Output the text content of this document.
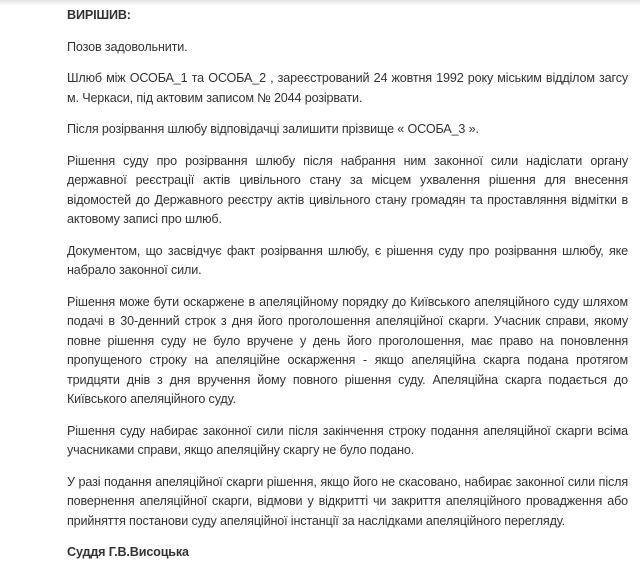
ВИРІШИВ:

Позов задовольнити.

Шлюб між ОСОБА_1 та ОСОБА_2 , зареєстрований 24 жовтня 1992 року міським відділом загсу м. Черкаси, під актовим записом № 2044 розірвати.

Після розірвання шлюбу відповідачці залишити прізвище « ОСОБА_3 ».

Рішення суду про розірвання шлюбу після набрання ним законної сили надіслати органу державної реєстрації актів цивільного стану за місцем ухвалення рішення для внесення відомостей до Державного реєстру актів цивільного стану громадян та проставляння відмітки в актовому записі про шлюб.

Документом, що засвідчує факт розірвання шлюбу, є рішення суду про розірвання шлюбу, яке набрало законної сили.

Рішення може бути оскаржене в апеляційному порядку до Київського апеляційного суду шляхом подачі в 30-денний строк з дня його проголошення апеляційної скарги. Учасник справи, якому повне рішення суду не було вручене у день його проголошення, має право на поновлення пропущеного строку на апеляційне оскарження - якщо апеляційна скарга подана протягом тридцяти днів з дня вручення йому повного рішення суду. Апеляційна скарга подається до Київського апеляційного суду.

Рішення суду набирає законної сили після закінчення строку подання апеляційної скарги всіма учасниками справи, якщо апеляційну скаргу не було подано.

У разі подання апеляційної скарги рішення, якщо його не скасовано, набирає законної сили після повернення апеляційної скарги, відмови у відкритті чи закриття апеляційного провадження або прийняття постанови суду апеляційної інстанції за наслідками апеляційного перегляду.

Суддя Г.В.Висоцька
